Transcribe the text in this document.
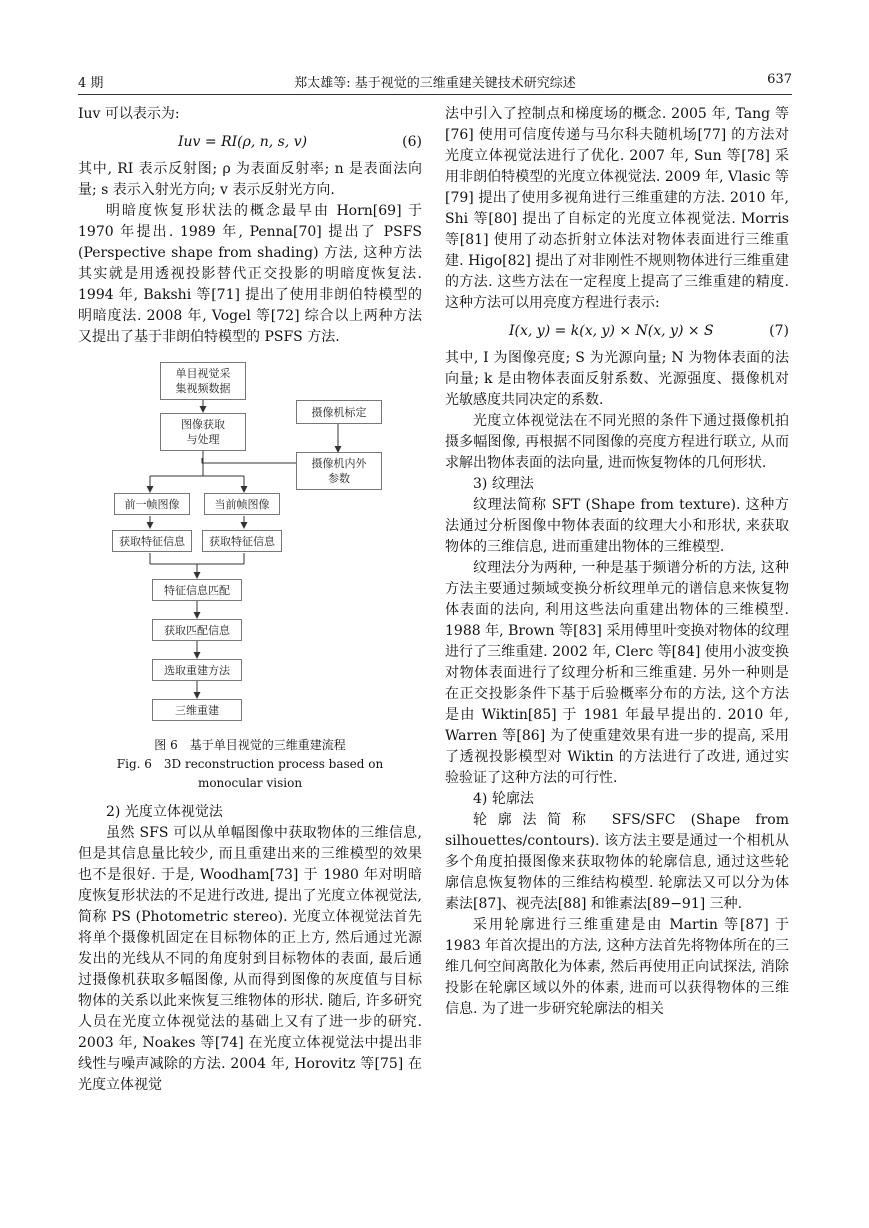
4 期	郑太雄等: 基于视觉的三维重建关键技术研究综述	637

Iuv 可以表示为:

Iuv = RI(ρ, n, s, v)	(6)

其中, RI 表示反射图; ρ 为表面反射率; n 是表面法向量; s 表示入射光方向; v 表示反射光方向.

明暗度恢复形状法的概念最早由 Horn[69] 于 1970 年提出. 1989 年, Penna[70] 提出了 PSFS (Perspective shape from shading) 方法, 这种方法其实就是用透视投影替代正交投影的明暗度恢复法. 1994 年, Bakshi 等[71] 提出了使用非朗伯特模型的明暗度法. 2008 年, Vogel 等[72] 综合以上两种方法又提出了基于非朗伯特模型的 PSFS 方法.

单目视觉采
集视频数据
图像获取
与处理
摄像机标定
摄像机内外
参数
前一帧图像	当前帧图像
获取特征信息	获取特征信息
特征信息匹配
获取匹配信息
选取重建方法
三维重建
图 6　基于单目视觉的三维重建流程
Fig. 6　3D reconstruction process based on
monocular vision

2) 光度立体视觉法

虽然 SFS 可以从单幅图像中获取物体的三维信息, 但是其信息量比较少, 而且重建出来的三维模型的效果也不是很好. 于是, Woodham[73] 于 1980 年对明暗度恢复形状法的不足进行改进, 提出了光度立体视觉法, 简称 PS (Photometric stereo). 光度立体视觉法首先将单个摄像机固定在目标物体的正上方, 然后通过光源发出的光线从不同的角度射到目标物体的表面, 最后通过摄像机获取多幅图像, 从而得到图像的灰度值与目标物体的关系以此来恢复三维物体的形状. 随后, 许多研究人员在光度立体视觉法的基础上又有了进一步的研究. 2003 年, Noakes 等[74] 在光度立体视觉法中提出非线性与噪声减除的方法. 2004 年, Horovitz 等[75] 在光度立体视觉

法中引入了控制点和梯度场的概念. 2005 年, Tang 等[76] 使用可信度传递与马尔科夫随机场[77] 的方法对光度立体视觉法进行了优化. 2007 年, Sun 等[78] 采用非朗伯特模型的光度立体视觉法. 2009 年, Vlasic 等[79] 提出了使用多视角进行三维重建的方法. 2010 年, Shi 等[80] 提出了自标定的光度立体视觉法. Morris 等[81] 使用了动态折射立体法对物体表面进行三维重建. Higo[82] 提出了对非刚性不规则物体进行三维重建的方法. 这些方法在一定程度上提高了三维重建的精度. 这种方法可以用亮度方程进行表示:

I(x, y) = k(x, y) × N(x, y) × S	(7)

其中, I 为图像亮度; S 为光源向量; N 为物体表面的法向量; k 是由物体表面反射系数、光源强度、摄像机对光敏感度共同决定的系数.

光度立体视觉法在不同光照的条件下通过摄像机拍摄多幅图像, 再根据不同图像的亮度方程进行联立, 从而求解出物体表面的法向量, 进而恢复物体的几何形状.

3) 纹理法

纹理法简称 SFT (Shape from texture). 这种方法通过分析图像中物体表面的纹理大小和形状, 来获取物体的三维信息, 进而重建出物体的三维模型.

纹理法分为两种, 一种是基于频谱分析的方法, 这种方法主要通过频域变换分析纹理单元的谱信息来恢复物体表面的法向, 利用这些法向重建出物体的三维模型. 1988 年, Brown 等[83] 采用傅里叶变换对物体的纹理进行了三维重建. 2002 年, Clerc 等[84] 使用小波变换对物体表面进行了纹理分析和三维重建. 另外一种则是在正交投影条件下基于后验概率分布的方法, 这个方法是由 Wiktin[85] 于 1981 年最早提出的. 2010 年, Warren 等[86] 为了使重建效果有进一步的提高, 采用了透视投影模型对 Wiktin 的方法进行了改进, 通过实验验证了这种方法的可行性.

4) 轮廓法

轮廓法简称 SFS/SFC (Shape from silhouettes/contours). 该方法主要是通过一个相机从多个角度拍摄图像来获取物体的轮廓信息, 通过这些轮廓信息恢复物体的三维结构模型. 轮廓法又可以分为体素法[87]、视壳法[88] 和锥素法[89−91] 三种.

采用轮廓进行三维重建是由 Martin 等[87] 于 1983 年首次提出的方法, 这种方法首先将物体所在的三维几何空间离散化为体素, 然后再使用正向试探法, 消除投影在轮廓区域以外的体素, 进而可以获得物体的三维信息. 为了进一步研究轮廓法的相关
